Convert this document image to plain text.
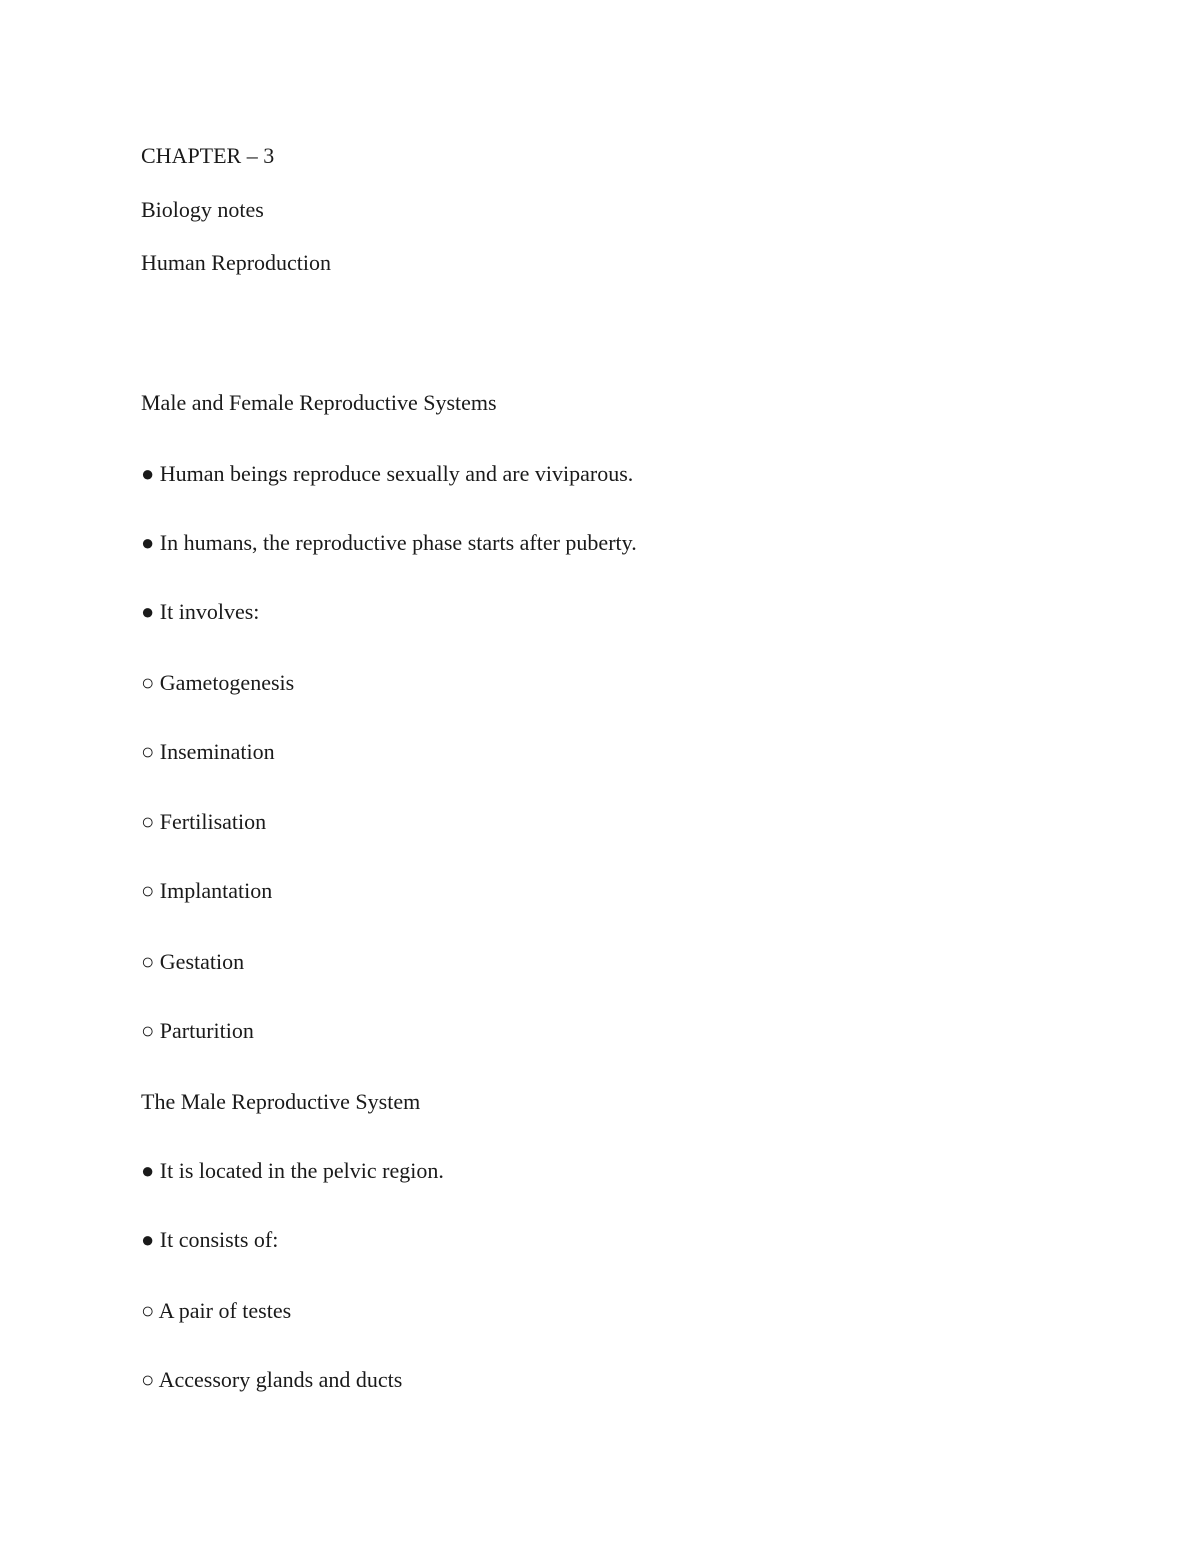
CHAPTER – 3

Biology notes

Human Reproduction

Male and Female Reproductive Systems

● Human beings reproduce sexually and are viviparous.

● In humans, the reproductive phase starts after puberty.

● It involves:

○ Gametogenesis

○ Insemination

○ Fertilisation

○ Implantation

○ Gestation

○ Parturition

The Male Reproductive System

● It is located in the pelvic region.

● It consists of:

○ A pair of testes

○ Accessory glands and ducts
